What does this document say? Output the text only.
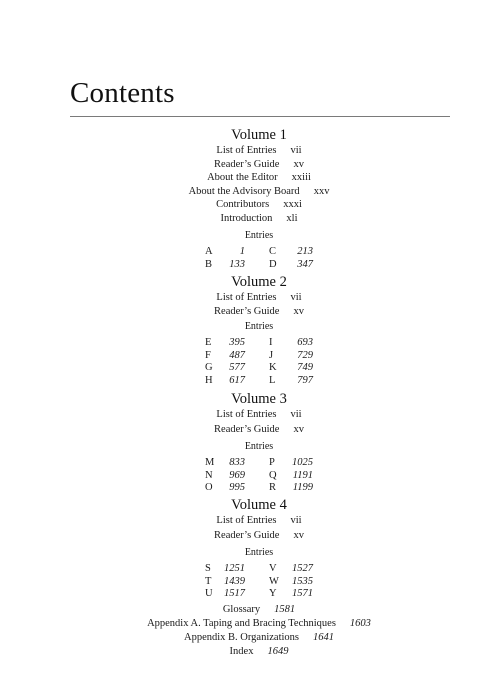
Contents
Volume 1
List of Entries vii
Reader’s Guide xv
About the Editor xxiii
About the Advisory Board xxv
Contributors xxxi
Introduction xli
Entries
A	1 C	213
B	133 D	347
Volume 2
List of Entries vii
Reader’s Guide xv
Entries
E	395 I	693
F	487 J	729
G	577 K	749
H	617 L	797
Volume 3
List of Entries vii
Reader’s Guide xv
Entries
M	833 P	1025
N	969 Q	1191
O	995 R	1199
Volume 4
List of Entries vii
Reader’s Guide xv
Entries
S	1251 V	1527
T	1439 W	1535
U	1517 Y	1571
Glossary 1581
Appendix A. Taping and Bracing Techniques 1603
Appendix B. Organizations 1641
Index 1649
